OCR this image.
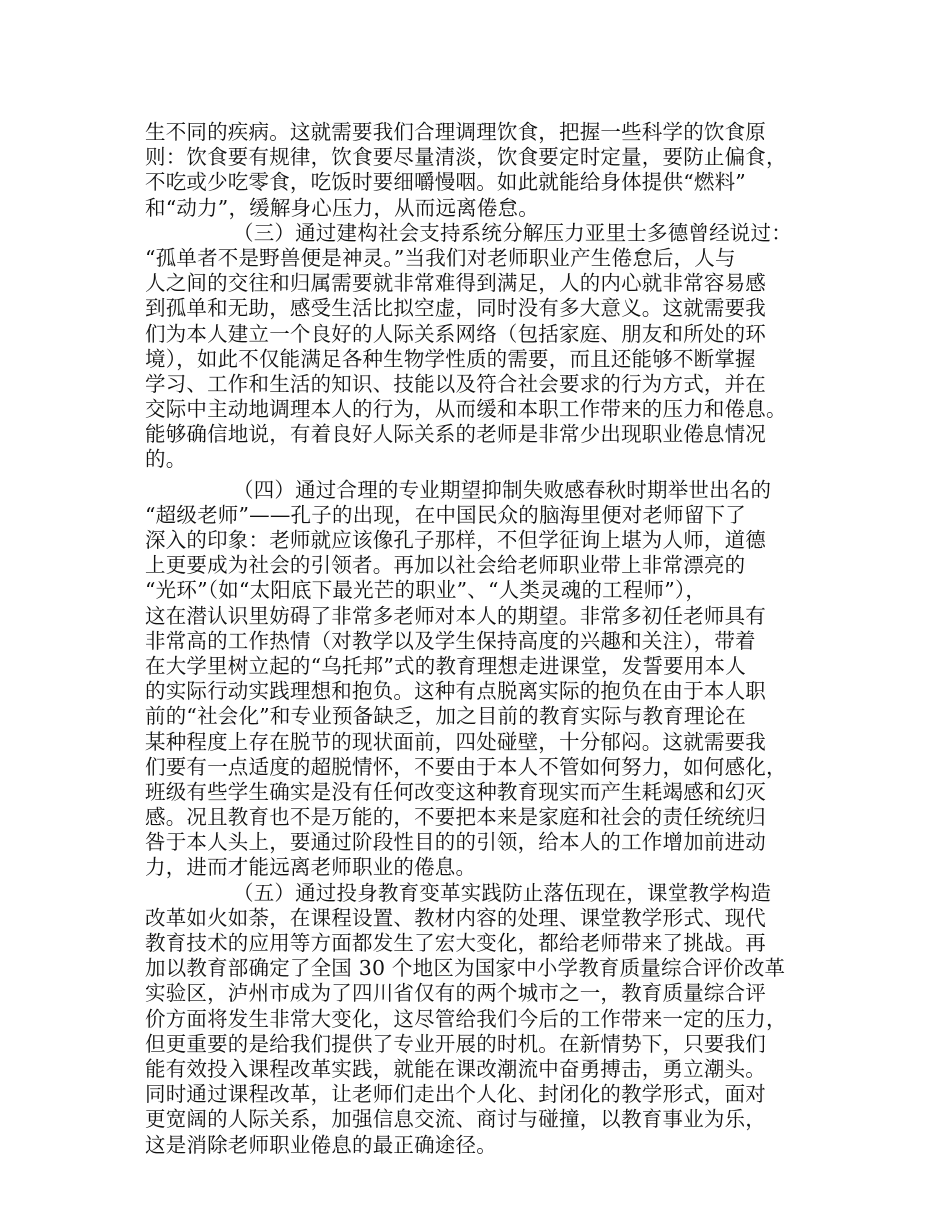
生不同的疾病。这就需要我们合理调理饮食，把握一些科学的饮食原
则：饮食要有规律，饮食要尽量清淡，饮食要定时定量，要防止偏食，
不吃或少吃零食，吃饭时要细嚼慢咽。如此就能给身体提供“燃料”
和“动力”，缓解身心压力，从而远离倦怠。
（三）通过建构社会支持系统分解压力亚里士多德曾经说过：
“孤单者不是野兽便是神灵。”当我们对老师职业产生倦怠后，人与
人之间的交往和归属需要就非常难得到满足，人的内心就非常容易感
到孤单和无助，感受生活比拟空虚，同时没有多大意义。这就需要我
们为本人建立一个良好的人际关系网络（包括家庭、朋友和所处的环
境），如此不仅能满足各种生物学性质的需要，而且还能够不断掌握
学习、工作和生活的知识、技能以及符合社会要求的行为方式，并在
交际中主动地调理本人的行为，从而缓和本职工作带来的压力和倦息。
能够确信地说，有着良好人际关系的老师是非常少出现职业倦息情况
的。
（四）通过合理的专业期望抑制失败感春秋时期举世出名的
“超级老师”——孔子的出现，在中国民众的脑海里便对老师留下了
深入的印象：老师就应该像孔子那样，不但学征询上堪为人师，道德
上更要成为社会的引领者。再加以社会给老师职业带上非常漂亮的
“光环”（如“太阳底下最光芒的职业”、“人类灵魂的工程师”），
这在潜认识里妨碍了非常多老师对本人的期望。非常多初任老师具有
非常高的工作热情（对教学以及学生保持高度的兴趣和关注），带着
在大学里树立起的“乌托邦”式的教育理想走进课堂，发誓要用本人
的实际行动实践理想和抱负。这种有点脱离实际的抱负在由于本人职
前的“社会化”和专业预备缺乏，加之目前的教育实际与教育理论在
某种程度上存在脱节的现状面前，四处碰壁，十分郁闷。这就需要我
们要有一点适度的超脱情怀，不要由于本人不管如何努力，如何感化，
班级有些学生确实是没有任何改变这种教育现实而产生耗竭感和幻灭
感。况且教育也不是万能的，不要把本来是家庭和社会的责任统统归
咎于本人头上，要通过阶段性目的的引领，给本人的工作增加前进动
力，进而才能远离老师职业的倦息。
（五）通过投身教育变革实践防止落伍现在，课堂教学构造
改革如火如荼，在课程设置、教材内容的处理、课堂教学形式、现代
教育技术的应用等方面都发生了宏大变化，都给老师带来了挑战。再
加以教育部确定了全国 30 个地区为国家中小学教育质量综合评价改革
实验区，泸州市成为了四川省仅有的两个城市之一，教育质量综合评
价方面将发生非常大变化，这尽管给我们今后的工作带来一定的压力，
但更重要的是给我们提供了专业开展的时机。在新情势下，只要我们
能有效投入课程改革实践，就能在课改潮流中奋勇搏击，勇立潮头。
同时通过课程改革，让老师们走出个人化、封闭化的教学形式，面对
更宽阔的人际关系，加强信息交流、商讨与碰撞，以教育事业为乐，
这是消除老师职业倦息的最正确途径。
